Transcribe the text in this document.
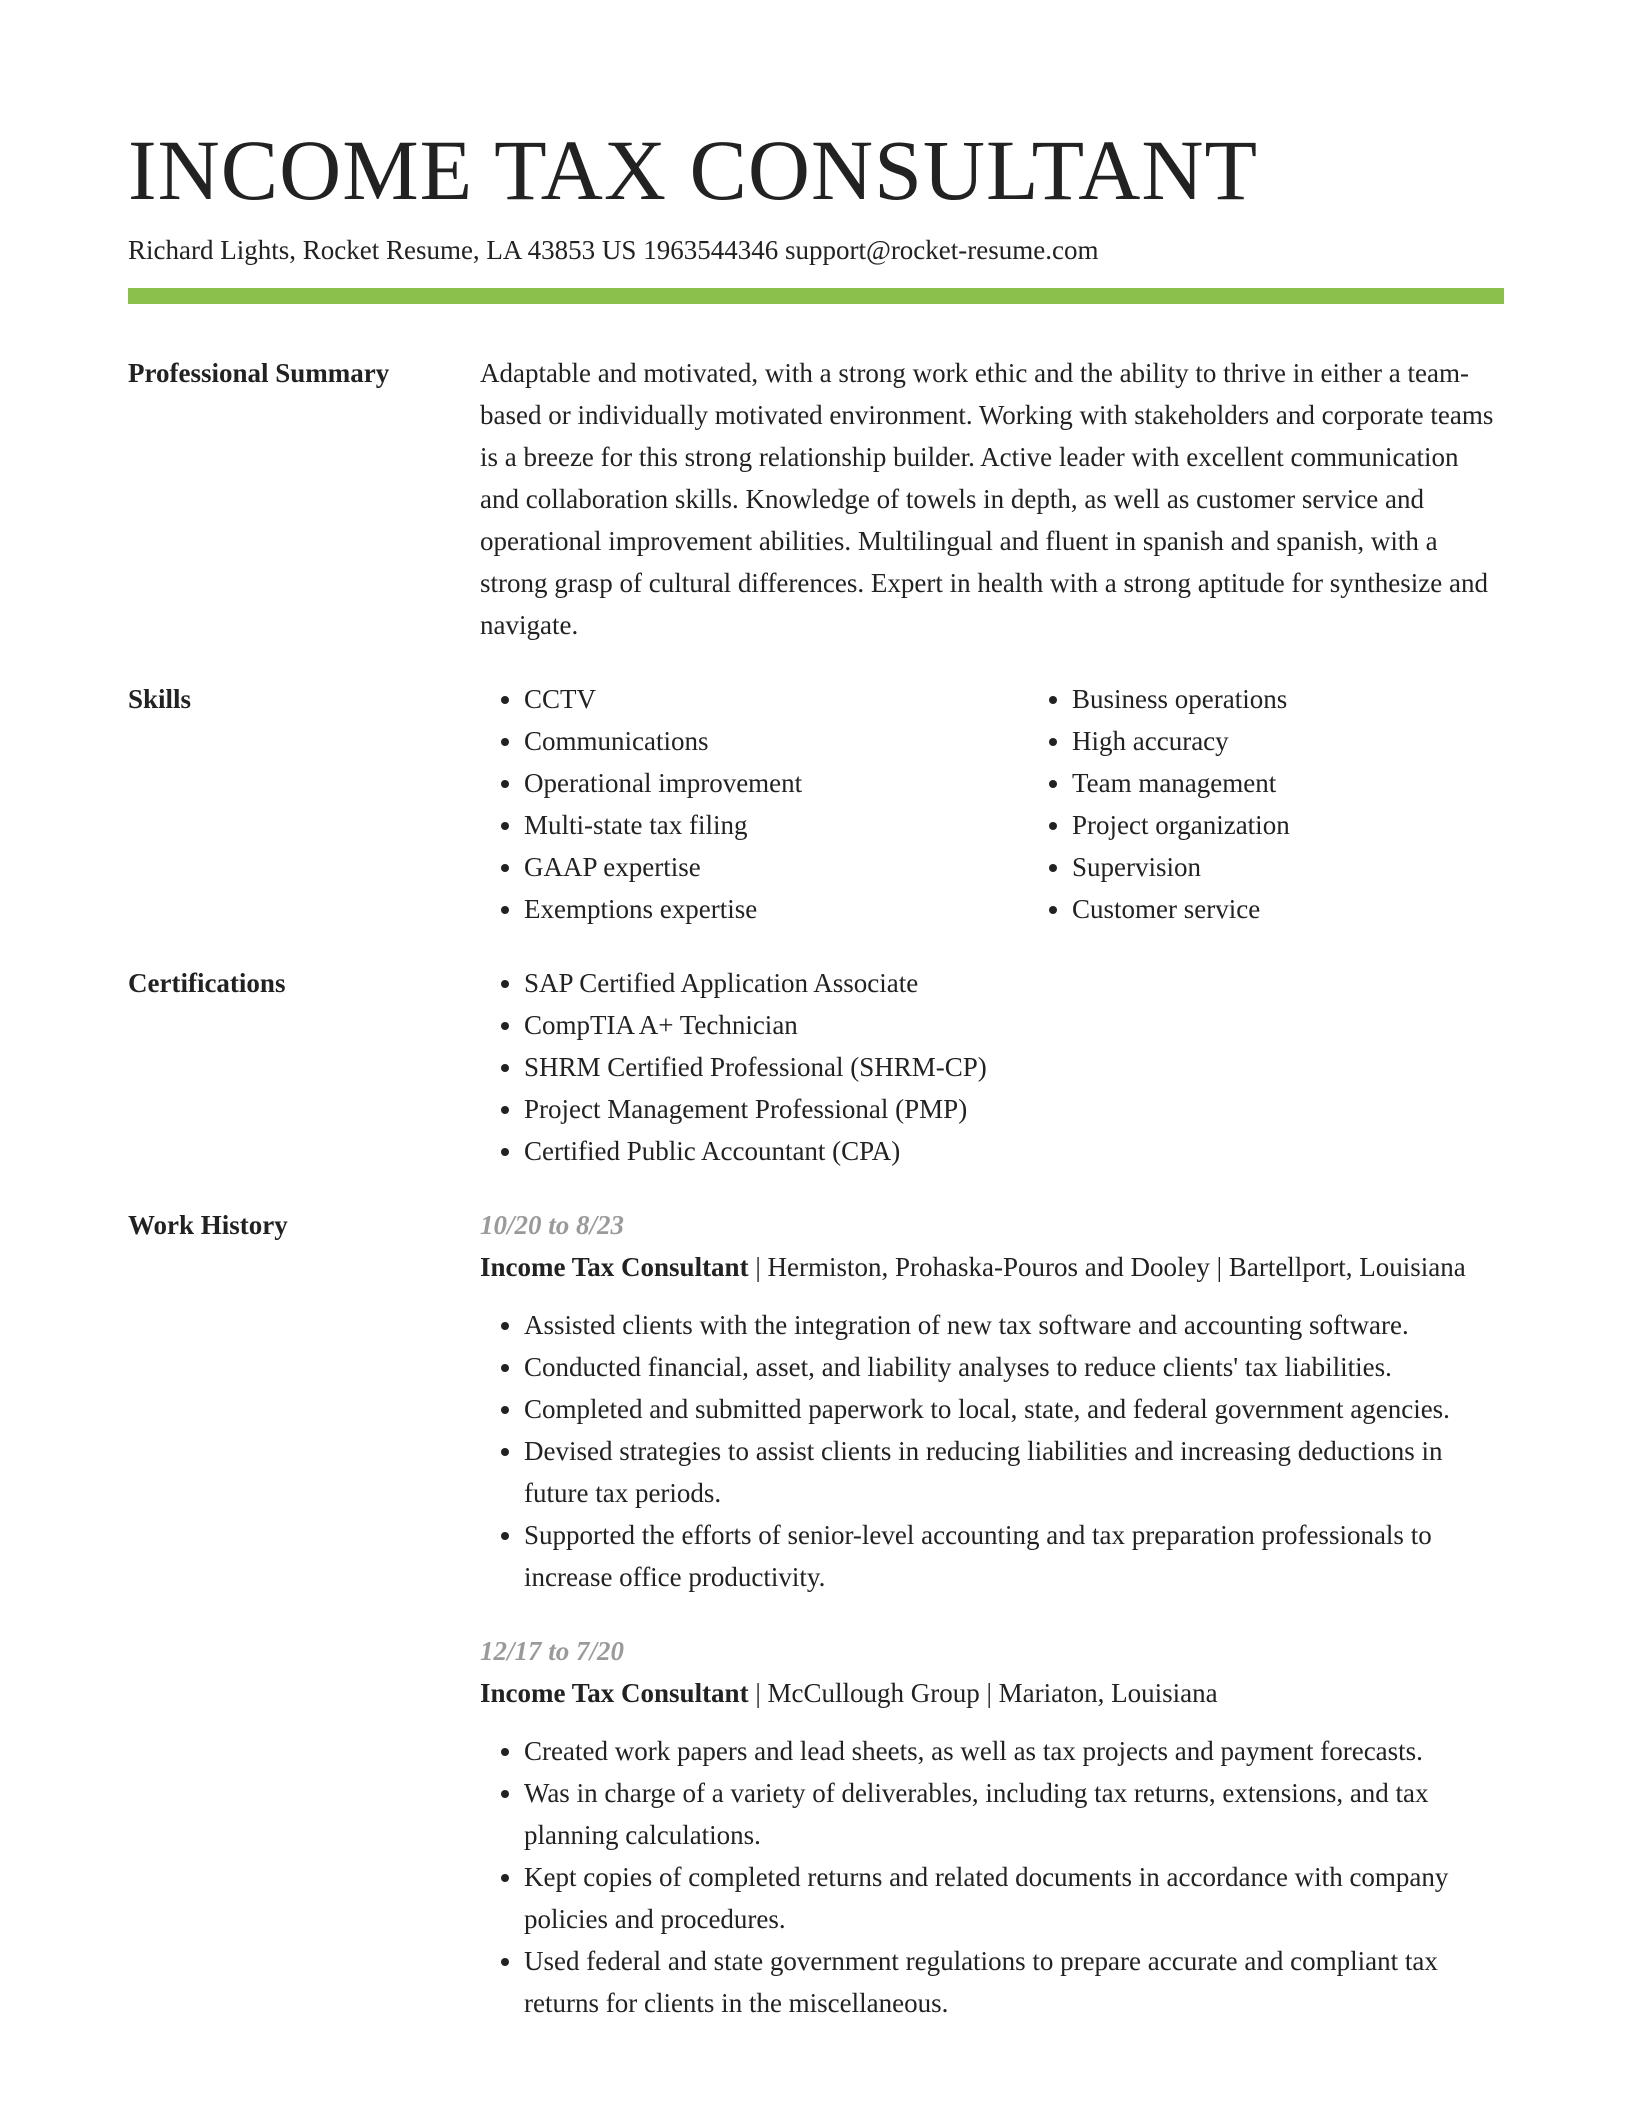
INCOME TAX CONSULTANT
Richard Lights, Rocket Resume, LA 43853 US 1963544346 support@rocket-resume.com
Professional Summary	Adaptable and motivated, with a strong work ethic and the ability to thrive in either a team-based or individually motivated environment. Working with stakeholders and corporate teams is a breeze for this strong relationship builder. Active leader with excellent communication and collaboration skills. Knowledge of towels in depth, as well as customer service and operational improvement abilities. Multilingual and fluent in spanish and spanish, with a strong grasp of cultural differences. Expert in health with a strong aptitude for synthesize and navigate.

Skills	• CCTV
• Communications
• Operational improvement
• Multi-state tax filing
• GAAP expertise
• Exemptions expertise
• Business operations
• High accuracy
• Team management
• Project organization
• Supervision
• Customer service
Certifications	• SAP Certified Application Associate
• CompTIA A+ Technician
• SHRM Certified Professional (SHRM-CP)
• Project Management Professional (PMP)
• Certified Public Accountant (CPA)
Work History	10/20 to 8/23
Income Tax Consultant | Hermiston, Prohaska-Pouros and Dooley | Bartellport, Louisiana
• Assisted clients with the integration of new tax software and accounting software.
• Conducted financial, asset, and liability analyses to reduce clients' tax liabilities.
• Completed and submitted paperwork to local, state, and federal government agencies.
• Devised strategies to assist clients in reducing liabilities and increasing deductions in future tax periods.
• Supported the efforts of senior-level accounting and tax preparation professionals to increase office productivity.
12/17 to 7/20
Income Tax Consultant | McCullough Group | Mariaton, Louisiana
• Created work papers and lead sheets, as well as tax projects and payment forecasts.
• Was in charge of a variety of deliverables, including tax returns, extensions, and tax planning calculations.
• Kept copies of completed returns and related documents in accordance with company policies and procedures.
• Used federal and state government regulations to prepare accurate and compliant tax returns for clients in the miscellaneous.
